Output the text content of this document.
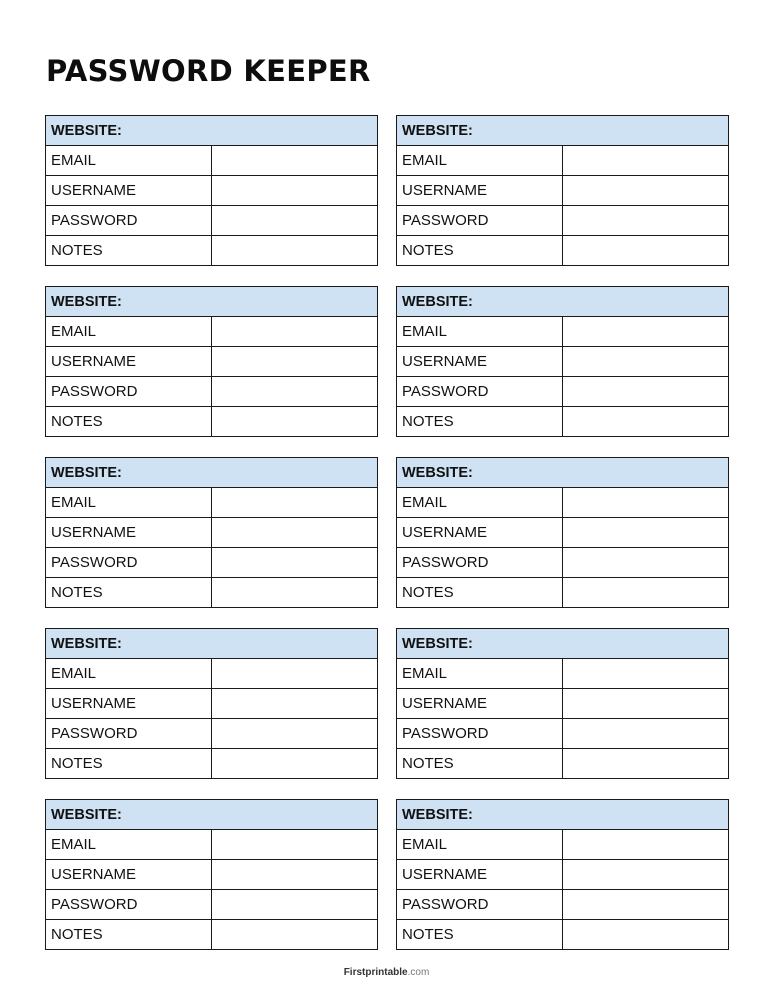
PASSWORD KEEPER
WEBSITE:	
EMAIL	
USERNAME	
PASSWORD	
NOTES	
WEBSITE:	
EMAIL	
USERNAME	
PASSWORD	
NOTES	
WEBSITE:	
EMAIL	
USERNAME	
PASSWORD	
NOTES	
WEBSITE:	
EMAIL	
USERNAME	
PASSWORD	
NOTES	
WEBSITE:	
EMAIL	
USERNAME	
PASSWORD	
NOTES	
WEBSITE:	
EMAIL	
USERNAME	
PASSWORD	
NOTES	
WEBSITE:	
EMAIL	
USERNAME	
PASSWORD	
NOTES	
WEBSITE:	
EMAIL	
USERNAME	
PASSWORD	
NOTES	
WEBSITE:	
EMAIL	
USERNAME	
PASSWORD	
NOTES	
WEBSITE:	
EMAIL	
USERNAME	
PASSWORD	
NOTES	
Firstprintable.com
